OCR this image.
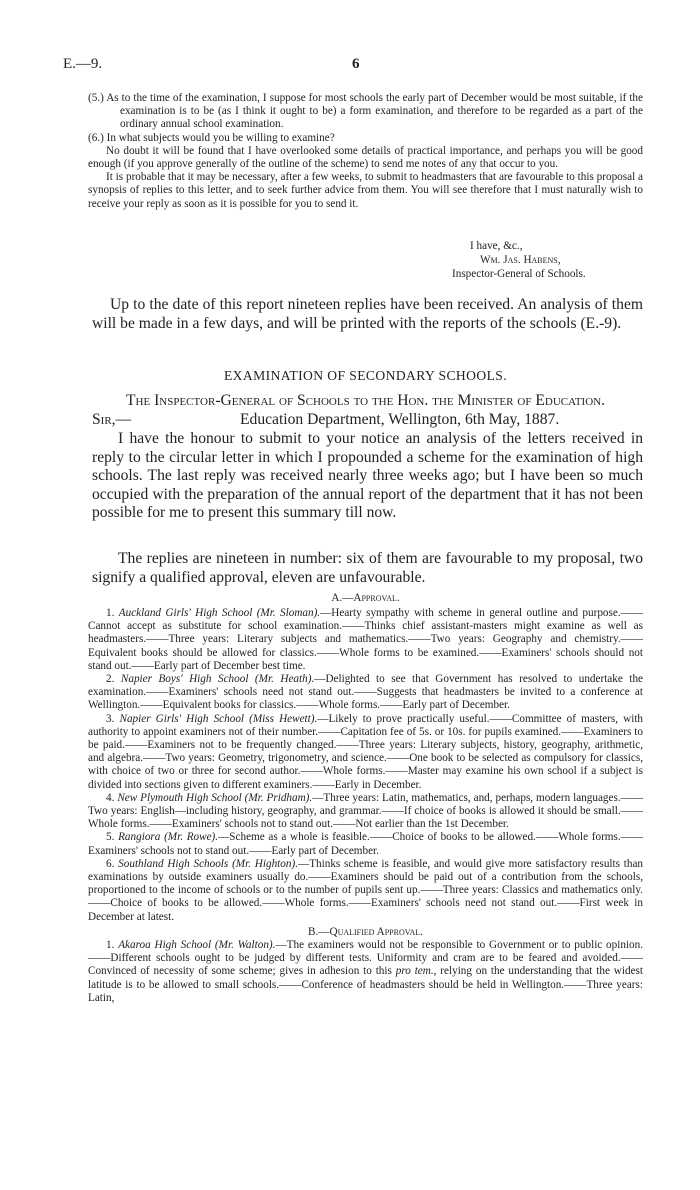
E.—9.	6

(5.) As to the time of the examination, I suppose for most schools the early part of December would be most suitable, if the examination is to be (as I think it ought to be) a form examination, and therefore to be regarded as a part of the ordinary annual school examination.

(6.) In what subjects would you be willing to examine?

No doubt it will be found that I have overlooked some details of practical importance, and perhaps you will be good enough (if you approve generally of the outline of the scheme) to send me notes of any that occur to you.

It is probable that it may be necessary, after a few weeks, to submit to headmasters that are favourable to this proposal a synopsis of replies to this letter, and to seek further advice from them. You will see therefore that I must naturally wish to receive your reply as soon as it is possible for you to send it.

I have, &c.,
Wm. Jas. Habens,
Inspector-General of Schools.

Up to the date of this report nineteen replies have been received. An analysis of them will be made in a few days, and will be printed with the reports of the schools (E.-9).

EXAMINATION OF SECONDARY SCHOOLS.
The Inspector-General of Schools to the Hon. the Minister of Education.
Sir,—	Education Department, Wellington, 6th May, 1887.

I have the honour to submit to your notice an analysis of the letters received in reply to the circular letter in which I propounded a scheme for the examination of high schools. The last reply was received nearly three weeks ago; but I have been so much occupied with the preparation of the annual report of the department that it has not been possible for me to present this summary till now.

The replies are nineteen in number: six of them are favourable to my proposal, two signify a qualified approval, eleven are unfavourable.

A.—Approval.

1. Auckland Girls' High School (Mr. Sloman).—Hearty sympathy with scheme in general outline and purpose.——Cannot accept as substitute for school examination.——Thinks chief assistant-masters might examine as well as headmasters.——Three years: Literary subjects and mathematics.——Two years: Geography and chemistry.——Equivalent books should be allowed for classics.——Whole forms to be examined.——Examiners' schools should not stand out.——Early part of December best time.

2. Napier Boys' High School (Mr. Heath).—Delighted to see that Government has resolved to undertake the examination.——Examiners' schools need not stand out.——Suggests that headmasters be invited to a conference at Wellington.——Equivalent books for classics.——Whole forms.——Early part of December.

3. Napier Girls' High School (Miss Hewett).—Likely to prove practically useful.——Committee of masters, with authority to appoint examiners not of their number.——Capitation fee of 5s. or 10s. for pupils examined.——Examiners to be paid.——Examiners not to be frequently changed.——Three years: Literary subjects, history, geography, arithmetic, and algebra.——Two years: Geometry, trigonometry, and science.——One book to be selected as compulsory for classics, with choice of two or three for second author.——Whole forms.——Master may examine his own school if a subject is divided into sections given to different examiners.——Early in December.

4. New Plymouth High School (Mr. Pridham).—Three years: Latin, mathematics, and, perhaps, modern languages.——Two years: English—including history, geography, and grammar.——If choice of books is allowed it should be small.——Whole forms.——Examiners' schools not to stand out.——Not earlier than the 1st December.

5. Rangiora (Mr. Rowe).—Scheme as a whole is feasible.——Choice of books to be allowed.——Whole forms.——Examiners' schools not to stand out.——Early part of December.

6. Southland High Schools (Mr. Highton).—Thinks scheme is feasible, and would give more satisfactory results than examinations by outside examiners usually do.——Examiners should be paid out of a contribution from the schools, proportioned to the income of schools or to the number of pupils sent up.——Three years: Classics and mathematics only.——Choice of books to be allowed.——Whole forms.——Examiners' schools need not stand out.——First week in December at latest.

B.—Qualified Approval.

1. Akaroa High School (Mr. Walton).—The examiners would not be responsible to Government or to public opinion.——Different schools ought to be judged by different tests. Uniformity and cram are to be feared and avoided.——Convinced of necessity of some scheme; gives in adhesion to this pro tem., relying on the understanding that the widest latitude is to be allowed to small schools.——Conference of headmasters should be held in Wellington.——Three years: Latin,
